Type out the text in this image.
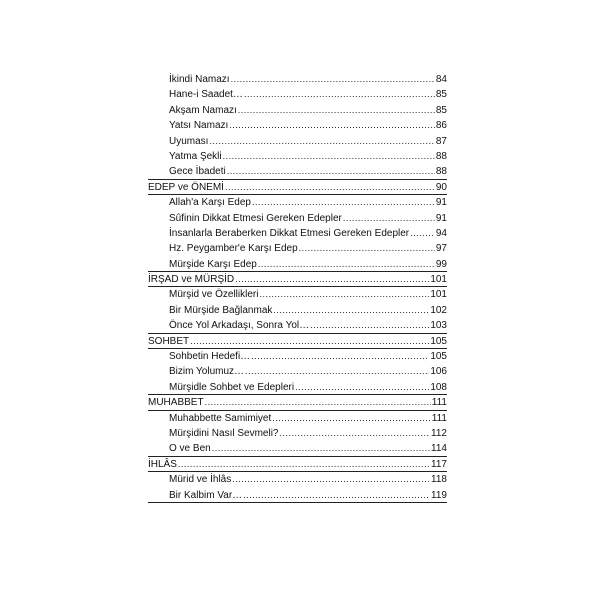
İkindi Namazı .....	84
Hane-i Saadet… .....	85
Akşam Namazı .....	85
Yatsı Namazı .....	86
Uyuması .....	87
Yatma Şekli .....	88
Gece İbadeti .....	88
EDEP ve ÖNEMİ .....	90
Allah'a Karşı Edep .....	91
Sûfinin Dikkat Etmesi Gereken Edepler .....	91
İnsanlarla Beraberken Dikkat Etmesi Gereken Edepler .....	94
Hz. Peygamber'e Karşı Edep .....	97
Mürşide Karşı Edep .....	99
İRŞAD ve MÜRŞİD .....	101
Mürşid ve Özellikleri .....	101
Bir Mürşide Bağlanmak .....	102
Önce Yol Arkadaşı, Sonra Yol… .....	103
SOHBET .....	105
Sohbetin Hedefi… .....	105
Bizim Yolumuz… .....	106
Mürşidle Sohbet ve Edepleri .....	108
MUHABBET .....	111
Muhabbette Samimiyet .....	111
Mürşidini Nasıl Sevmeli? .....	112
O ve Ben .....	114
İHLÂS .....	117
Mürid ve İhlâs .....	118
Bir Kalbim Var… .....	119
